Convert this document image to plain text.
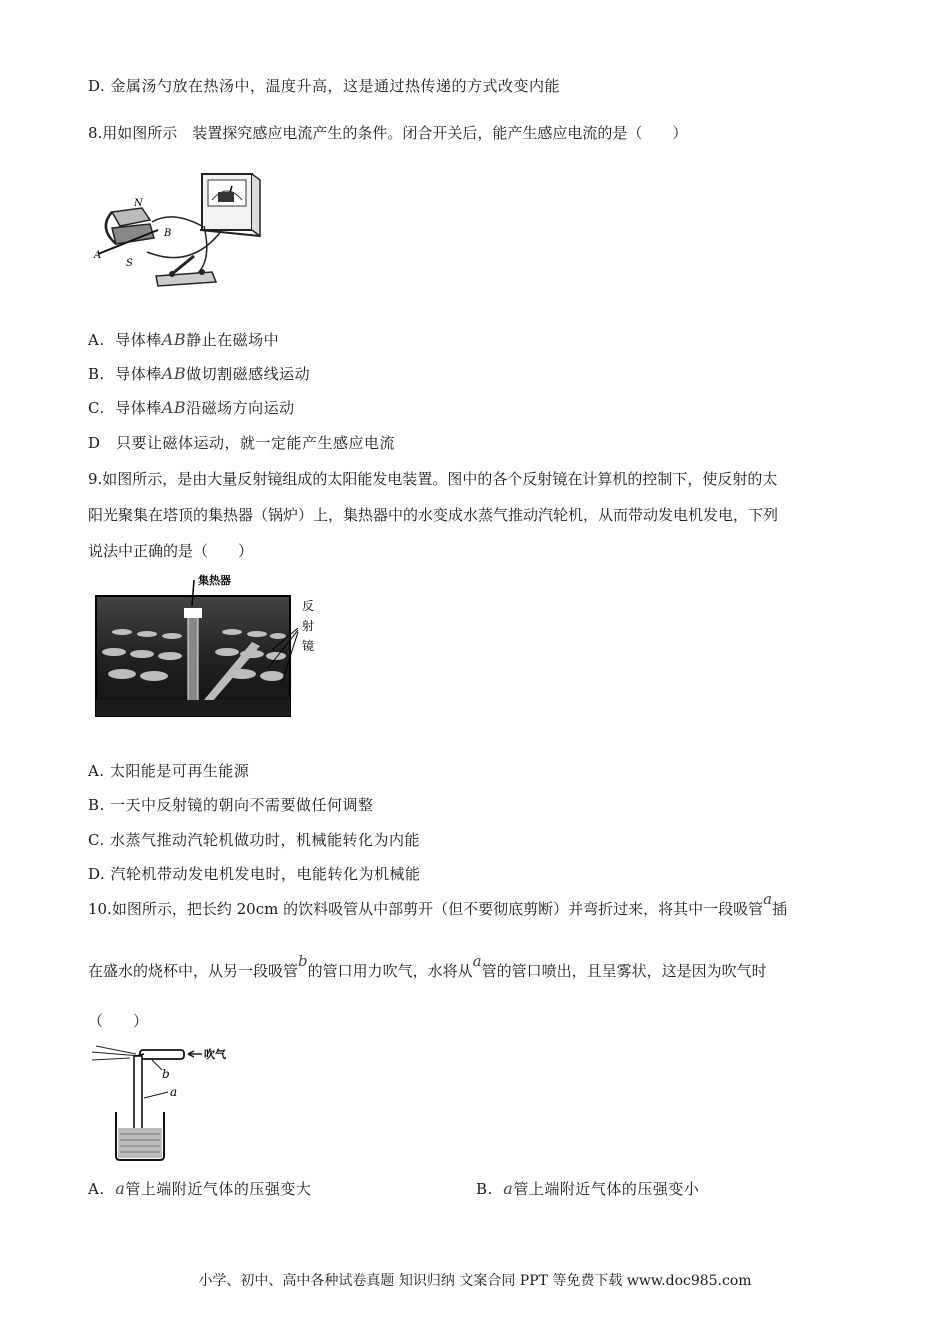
D. 金属汤勺放在热汤中，温度升高，这是通过热传递的方式改变内能
8.用如图所示　装置探究感应电流产生的条件。闭合开关后，能产生感应电流的是（　　）
N
B
A
S
A. 导体棒AB静止在磁场中
B. 导体棒AB做切割磁感线运动
C. 导体棒AB沿磁场方向运动
D　只要让磁体运动，就一定能产生感应电流
9.如图所示，是由大量反射镜组成的太阳能发电装置。图中的各个反射镜在计算机的控制下，使反射的太
阳光聚集在塔顶的集热器（锅炉）上，集热器中的水变成水蒸气推动汽轮机，从而带动发电机发电，下列
说法中正确的是（　　）
集热器
反
射
镜
A. 太阳能是可再生能源
B. 一天中反射镜的朝向不需要做任何调整
C. 水蒸气推动汽轮机做功时，机械能转化为内能
D. 汽轮机带动发电机发电时，电能转化为机械能
10.如图所示，把长约 20cm 的饮料吸管从中部剪开（但不要彻底剪断）并弯折过来，将其中一段吸管a插
在盛水的烧杯中，从另一段吸管b的管口用力吹气，水将从a管的管口喷出，且呈雾状，这是因为吹气时
（　　）
吹气
b
a
A. a管上端附近气体的压强变大	B. a管上端附近气体的压强变小
小学、初中、高中各种试卷真题 知识归纳 文案合同 PPT 等免费下载 www.doc985.com
